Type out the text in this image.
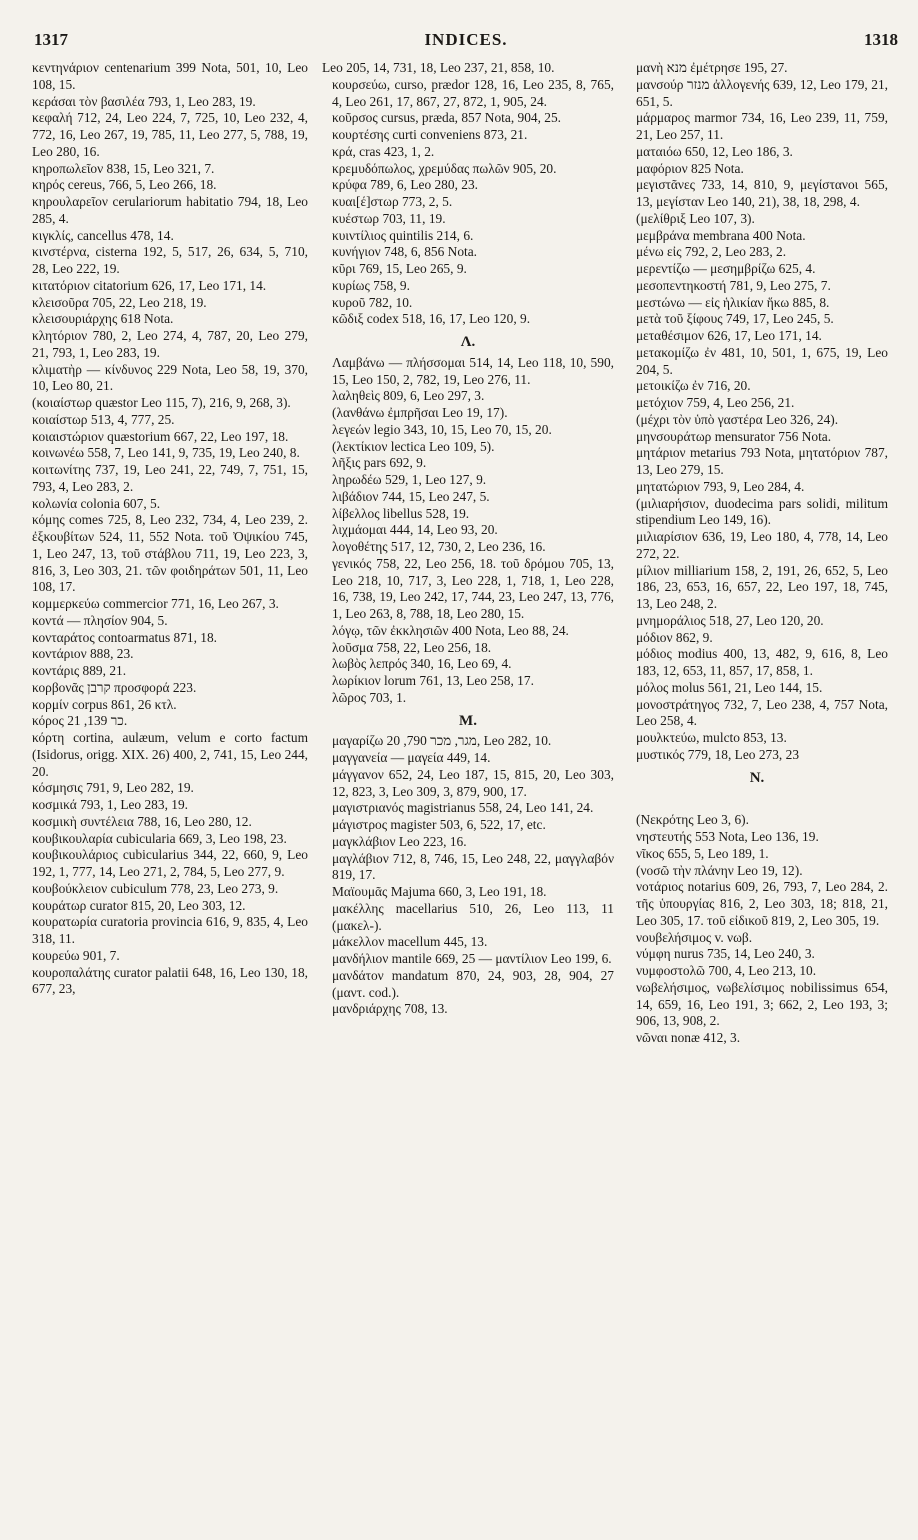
1317	INDICES.	1318

κεντηνάριον centenarium 399 Nota, 501, 10, Leo 108, 15.

κεράσαι τὸν βασιλέα 793, 1, Leo 283, 19.

κεφαλή 712, 24, Leo 224, 7, 725, 10, Leo 232, 4, 772, 16, Leo 267, 19, 785, 11, Leo 277, 5, 788, 19, Leo 280, 16.

κηροπωλεῖον 838, 15, Leo 321, 7.

κηρός cereus, 766, 5, Leo 266, 18.

κηρουλαρεῖον cerulariorum habitatio 794, 18, Leo 285, 4.

κιγκλίς, cancellus 478, 14.

κινστέρνα, cisterna 192, 5, 517, 26, 634, 5, 710, 28, Leo 222, 19.

κιτατόριον citatorium 626, 17, Leo 171, 14.

κλεισοῦρα 705, 22, Leo 218, 19.

κλεισουριάρχης 618 Nota.

κλητόριον 780, 2, Leo 274, 4, 787, 20, Leo 279, 21, 793, 1, Leo 283, 19.

κλιματὴρ — κίνδυνος 229 Nota, Leo 58, 19, 370, 10, Leo 80, 21.

(κοιαίστωρ quæstor Leo 115, 7), 216, 9, 268, 3).

κοιαίστωρ 513, 4, 777, 25.

κοιαιστώριον quæstorium 667, 22, Leo 197, 18.

κοινωνέω 558, 7, Leo 141, 9, 735, 19, Leo 240, 8.

κοιτωνίτης 737, 19, Leo 241, 22, 749, 7, 751, 15, 793, 4, Leo 283, 2.

κολωνία colonia 607, 5.

κόμης comes 725, 8, Leo 232, 734, 4, Leo 239, 2. ἐξκουβίτων 524, 11, 552 Nota. τοῦ Ὀψικίου 745, 1, Leo 247, 13, τοῦ στάβλου 711, 19, Leo 223, 3, 816, 3, Leo 303, 21. τῶν φοιδηράτων 501, 11, Leo 108, 17.

κομμερκεύω commercior 771, 16, Leo 267, 3.

κοντά — πλησίον 904, 5.

κονταράτος contoarmatus 871, 18.

κοντάριον 888, 23.

κοντάρις 889, 21.

κορβονᾶς קרבן προσφορά 223.

κορμίν corpus 861, 26 κτλ.

κόρος כר 139, 21.

κόρτη cortina, aulæum, velum e corto factum (Isidorus, origg. XIX. 26) 400, 2, 741, 15, Leo 244, 20.

κόσμησις 791, 9, Leo 282, 19.

κοσμικά 793, 1, Leo 283, 19.

κοσμικὴ συντέλεια 788, 16, Leo 280, 12.

κουβικουλαρία cubicularia 669, 3, Leo 198, 23.

κουβικουλάριος cubicularius 344, 22, 660, 9, Leo 192, 1, 777, 14, Leo 271, 2, 784, 5, Leo 277, 9.

κουβούκλειον cubiculum 778, 23, Leo 273, 9.

κουράτωρ curator 815, 20, Leo 303, 12.

κουρατωρία curatoria provincia 616, 9, 835, 4, Leo 318, 11.

κουρεύω 901, 7.

κουροπαλάτης curator palatii 648, 16, Leo 130, 18, 677, 23,

Leo 205, 14, 731, 18, Leo 237, 21, 858, 10.

κουρσεύω, curso, prædor 128, 16, Leo 235, 8, 765, 4, Leo 261, 17, 867, 27, 872, 1, 905, 24.

κοῦρσος cursus, præda, 857 Nota, 904, 25.

κουρτέσης curti conveniens 873, 21.

κρά, cras 423, 1, 2.

κρεμυδόπωλος, χρεμύδας πωλῶν 905, 20.

κρύφα 789, 6, Leo 280, 23.

κυαι[έ]στωρ 773, 2, 5.

κυέστωρ 703, 11, 19.

κυιντίλιος quintilis 214, 6.

κυνήγιον 748, 6, 856 Nota.

κῦρι 769, 15, Leo 265, 9.

κυρίως 758, 9.

κυροῦ 782, 10.

κῶδιξ codex 518, 16, 17, Leo 120, 9.

Λ.

Λαμβάνω — πλήσσομαι 514, 14, Leo 118, 10, 590, 15, Leo 150, 2, 782, 19, Leo 276, 11.

λαληθεὶς 809, 6, Leo 297, 3.

(λανθάνω ἐμπρῆσαι Leo 19, 17).

λεγεών legio 343, 10, 15, Leo 70, 15, 20.

(λεκτίκιον lectica Leo 109, 5).

λῆξις pars 692, 9.

ληρωδέω 529, 1, Leo 127, 9.

λιβάδιον 744, 15, Leo 247, 5.

λίβελλος libellus 528, 19.

λιχμάομαι 444, 14, Leo 93, 20.

λογοθέτης 517, 12, 730, 2, Leo 236, 16.

γενικός 758, 22, Leo 256, 18. τοῦ δρόμου 705, 13, Leo 218, 10, 717, 3, Leo 228, 1, 718, 1, Leo 228, 16, 738, 19, Leo 242, 17, 744, 23, Leo 247, 13, 776, 1, Leo 263, 8, 788, 18, Leo 280, 15.

λόγῳ, τῶν ἐκκλησιῶν 400 Nota, Leo 88, 24.

λοῦσμα 758, 22, Leo 256, 18.

λωβὸς λεπρός 340, 16, Leo 69, 4.

λωρίκιον lorum 761, 13, Leo 258, 17.

λῶρος 703, 1.

Μ.

μαγαρίζω מגר, מכר 790, 20, Leo 282, 10.

μαγγανεία — μαγεία 449, 14.

μάγγανον 652, 24, Leo 187, 15, 815, 20, Leo 303, 12, 823, 3, Leo 309, 3, 879, 900, 17.

μαγιστριανός magistrianus 558, 24, Leo 141, 24.

μάγιστρος magister 503, 6, 522, 17, etc.

μαγκλάβιον Leo 223, 16.

μαγλάβιον 712, 8, 746, 15, Leo 248, 22, μαγγλαβόν 819, 17.

Μαϊουμᾶς Majuma 660, 3, Leo 191, 18.

μακέλλης macellarius 510, 26, Leo 113, 11 (μακελ-).

μάκελλον macellum 445, 13.

μανδήλιον mantile 669, 25 — μαντίλιον Leo 199, 6.

μανδάτον mandatum 870, 24, 903, 28, 904, 27 (μαντ. cod.).

μανδριάρχης 708, 13.

μανὴ מנא ἐμέτρησε 195, 27.

μανσούρ מנזר ἀλλογενής 639, 12, Leo 179, 21, 651, 5.

μάρμαρος marmor 734, 16, Leo 239, 11, 759, 21, Leo 257, 11.

ματαιόω 650, 12, Leo 186, 3.

μαφόριον 825 Nota.

μεγιστᾶνες 733, 14, 810, 9, μεγίστανοι 565, 13, μεγίσταν Leo 140, 21), 38, 18, 298, 4.

(μελίθριξ Leo 107, 3).

μεμβράνα membrana 400 Nota.

μένω εἰς 792, 2, Leo 283, 2.

μερεντίζω — μεσημβρίζω 625, 4.

μεσοπεντηκοστή 781, 9, Leo 275, 7.

μεστώνω — εἰς ἡλικίαν ἥκω 885, 8.

μετὰ τοῦ ξίφους 749, 17, Leo 245, 5.

μεταθέσιμον 626, 17, Leo 171, 14.

μετακομίζω ἐν 481, 10, 501, 1, 675, 19, Leo 204, 5.

μετοικίζω ἐν 716, 20.

μετόχιον 759, 4, Leo 256, 21.

(μέχρι τὸν ὑπὸ γαστέρα Leo 326, 24).

μηνσουράτωρ mensurator 756 Nota.

μητάριον metarius 793 Nota, μητατόριον 787, 13, Leo 279, 15.

μητατώριον 793, 9, Leo 284, 4.

(μιλιαρήσιον, duodecima pars solidi, militum stipendium Leo 149, 16).

μιλιαρίσιον 636, 19, Leo 180, 4, 778, 14, Leo 272, 22.

μίλιον milliarium 158, 2, 191, 26, 652, 5, Leo 186, 23, 653, 16, 657, 22, Leo 197, 18, 745, 13, Leo 248, 2.

μνημοράλιος 518, 27, Leo 120, 20.

μόδιον 862, 9.

μόδιος modius 400, 13, 482, 9, 616, 8, Leo 183, 12, 653, 11, 857, 17, 858, 1.

μόλος molus 561, 21, Leo 144, 15.

μονοστράτηγος 732, 7, Leo 238, 4, 757 Nota, Leo 258, 4.

μουλκτεύω, mulcto 853, 13.

μυστικός 779, 18, Leo 273, 23

Ν.

(Νεκρότης Leo 3, 6).

νηστευτής 553 Nota, Leo 136, 19.

νῖκος 655, 5, Leo 189, 1.

(νοσῶ τὴν πλάνην Leo 19, 12).

νοτάριος notarius 609, 26, 793, 7, Leo 284, 2. τῆς ὑπουργίας 816, 2, Leo 303, 18; 818, 21, Leo 305, 17. τοῦ εἰδικοῦ 819, 2, Leo 305, 19.

νουβελήσιμος v. νωβ.

νύμφη nurus 735, 14, Leo 240, 3.

νυμφοστολῶ 700, 4, Leo 213, 10.

νωβελήσιμος, νωβελίσιμος nobilissimus 654, 14, 659, 16, Leo 191, 3; 662, 2, Leo 193, 3; 906, 13, 908, 2.

νῶναι nonæ 412, 3.
